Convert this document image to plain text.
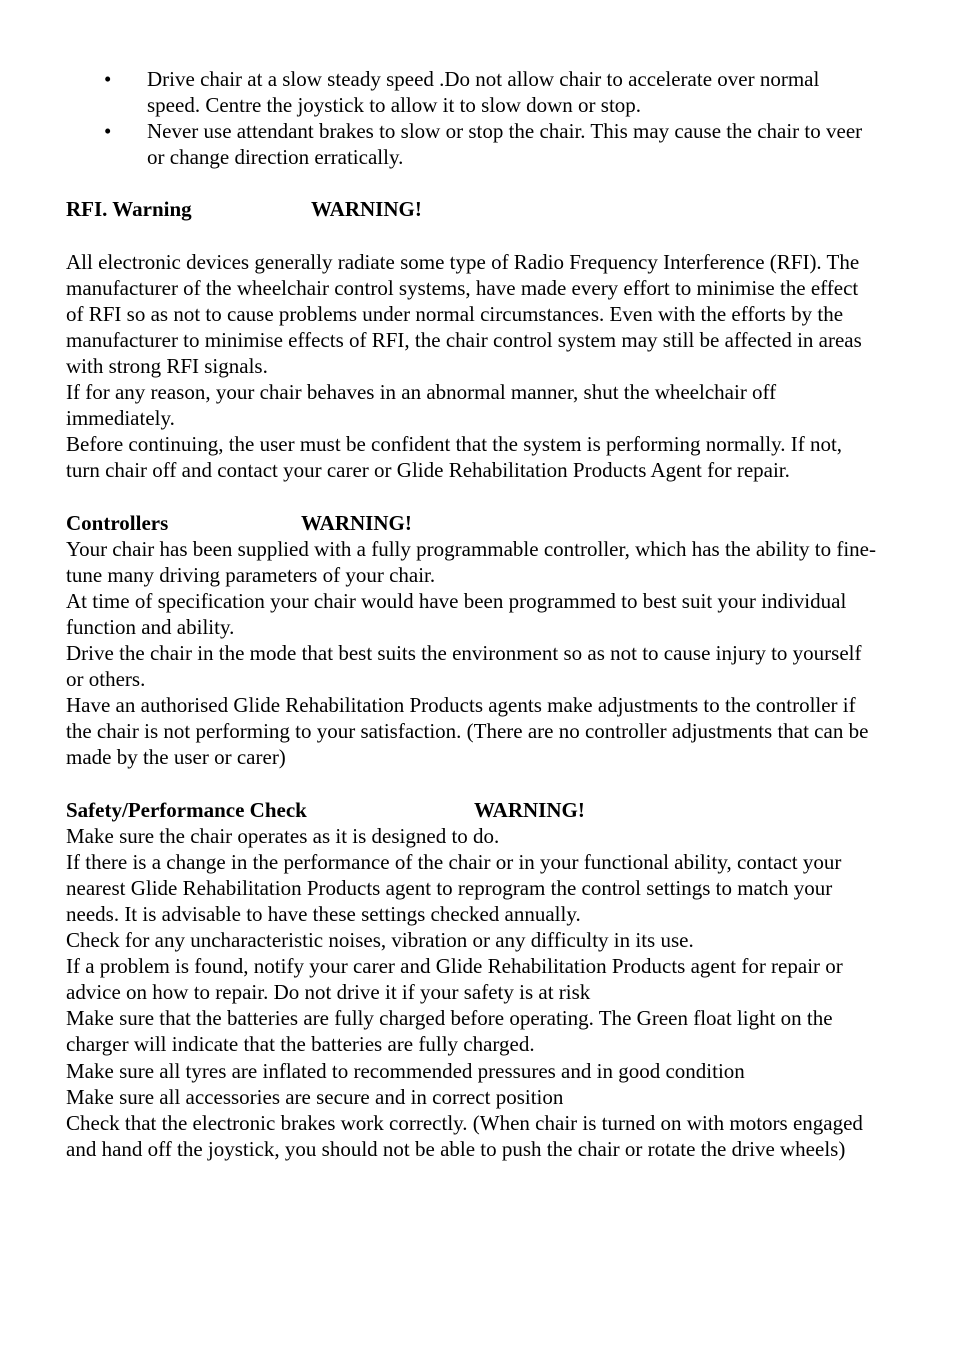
• Drive chair at a slow steady speed .Do not allow chair to accelerate over normal speed. Centre the joystick to allow it to slow down or stop.
• Never use attendant brakes to slow or stop the chair. This may cause the chair to veer or change direction erratically.
RFI. Warning	WARNING!

All electronic devices generally radiate some type of Radio Frequency Interference (RFI). The manufacturer of the wheelchair control systems, have made every effort to minimise the effect of RFI so as not to cause problems under normal circumstances. Even with the efforts by the manufacturer to minimise effects of RFI, the chair control system may still be affected in areas with strong RFI signals.

If for any reason, your chair behaves in an abnormal manner, shut the wheelchair off immediately.

Before continuing, the user must be confident that the system is performing normally. If not, turn chair off and contact your carer or Glide Rehabilitation Products Agent for repair.

Controllers	WARNING!

Your chair has been supplied with a fully programmable controller, which has the ability to fine-tune many driving parameters of your chair.

At time of specification your chair would have been programmed to best suit your individual function and ability.

Drive the chair in the mode that best suits the environment so as not to cause injury to yourself or others.

Have an authorised Glide Rehabilitation Products agents make adjustments to the controller if the chair is not performing to your satisfaction. (There are no controller adjustments that can be made by the user or carer)

Safety/Performance Check	WARNING!

Make sure the chair operates as it is designed to do.

If there is a change in the performance of the chair or in your functional ability, contact your nearest Glide Rehabilitation Products agent to reprogram the control settings to match your needs. It is advisable to have these settings checked annually.

Check for any uncharacteristic noises, vibration or any difficulty in its use.

If a problem is found, notify your carer and Glide Rehabilitation Products agent for repair or advice on how to repair. Do not drive it if your safety is at risk

Make sure that the batteries are fully charged before operating. The Green float light on the charger will indicate that the batteries are fully charged.

Make sure all tyres are inflated to recommended pressures and in good condition

Make sure all accessories are secure and in correct position

Check that the electronic brakes work correctly. (When chair is turned on with motors engaged and hand off the joystick, you should not be able to push the chair or rotate the drive wheels)
